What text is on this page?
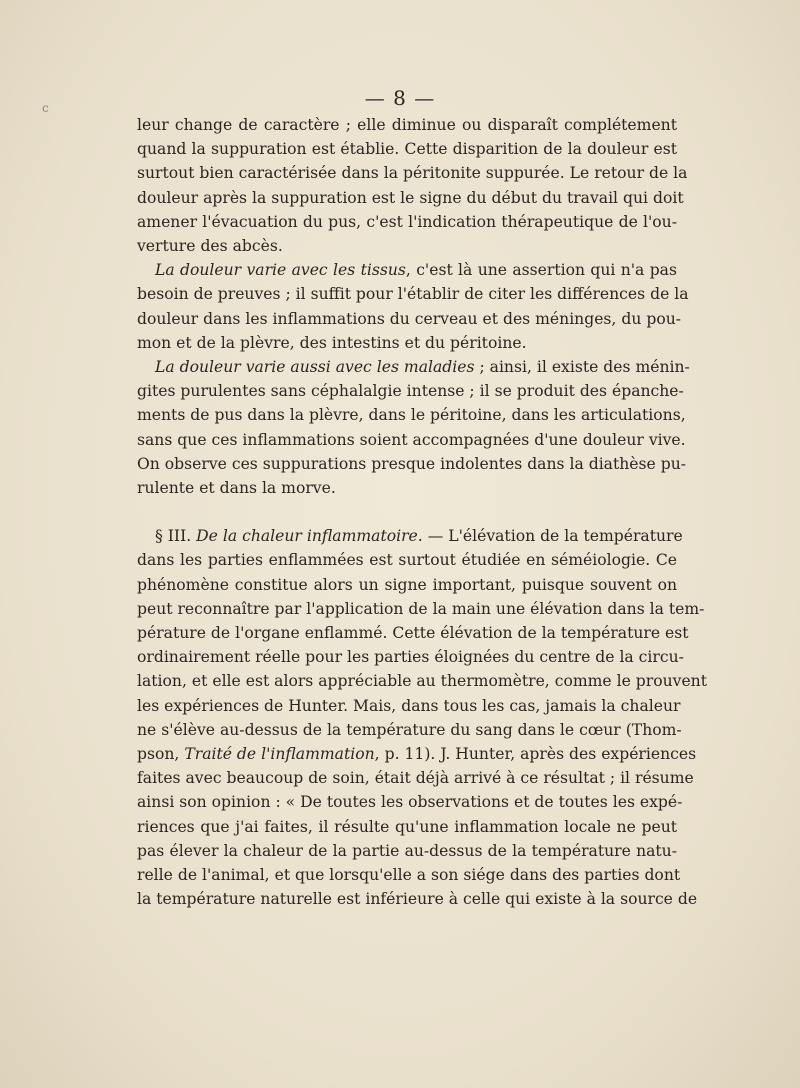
c	— 8 —
leur change de caractère ; elle diminue ou disparaît complétement
quand la suppuration est établie. Cette disparition de la douleur est
surtout bien caractérisée dans la péritonite suppurée. Le retour de la
douleur après la suppuration est le signe du début du travail qui doit
amener l'évacuation du pus, c'est l'indication thérapeutique de l'ou-
verture des abcès.
La douleur varie avec les tissus, c'est là une assertion qui n'a pas
besoin de preuves ; il suffit pour l'établir de citer les différences de la
douleur dans les inflammations du cerveau et des méninges, du pou-
mon et de la plèvre, des intestins et du péritoine.
La douleur varie aussi avec les maladies ; ainsi, il existe des ménin-
gites purulentes sans céphalalgie intense ; il se produit des épanche-
ments de pus dans la plèvre, dans le péritoine, dans les articulations,
sans que ces inflammations soient accompagnées d'une douleur vive.
On observe ces suppurations presque indolentes dans la diathèse pu-
rulente et dans la morve.
§ III. De la chaleur inflammatoire. — L'élévation de la température
dans les parties enflammées est surtout étudiée en séméiologie. Ce
phénomène constitue alors un signe important, puisque souvent on
peut reconnaître par l'application de la main une élévation dans la tem-
pérature de l'organe enflammé. Cette élévation de la température est
ordinairement réelle pour les parties éloignées du centre de la circu-
lation, et elle est alors appréciable au thermomètre, comme le prouvent
les expériences de Hunter. Mais, dans tous les cas, jamais la chaleur
ne s'élève au-dessus de la température du sang dans le cœur (Thom-
pson, Traité de l'inflammation, p. 11). J. Hunter, après des expériences
faites avec beaucoup de soin, était déjà arrivé à ce résultat ; il résume
ainsi son opinion : « De toutes les observations et de toutes les expé-
riences que j'ai faites, il résulte qu'une inflammation locale ne peut
pas élever la chaleur de la partie au-dessus de la température natu-
relle de l'animal, et que lorsqu'elle a son siége dans des parties dont
la température naturelle est inférieure à celle qui existe à la source de
